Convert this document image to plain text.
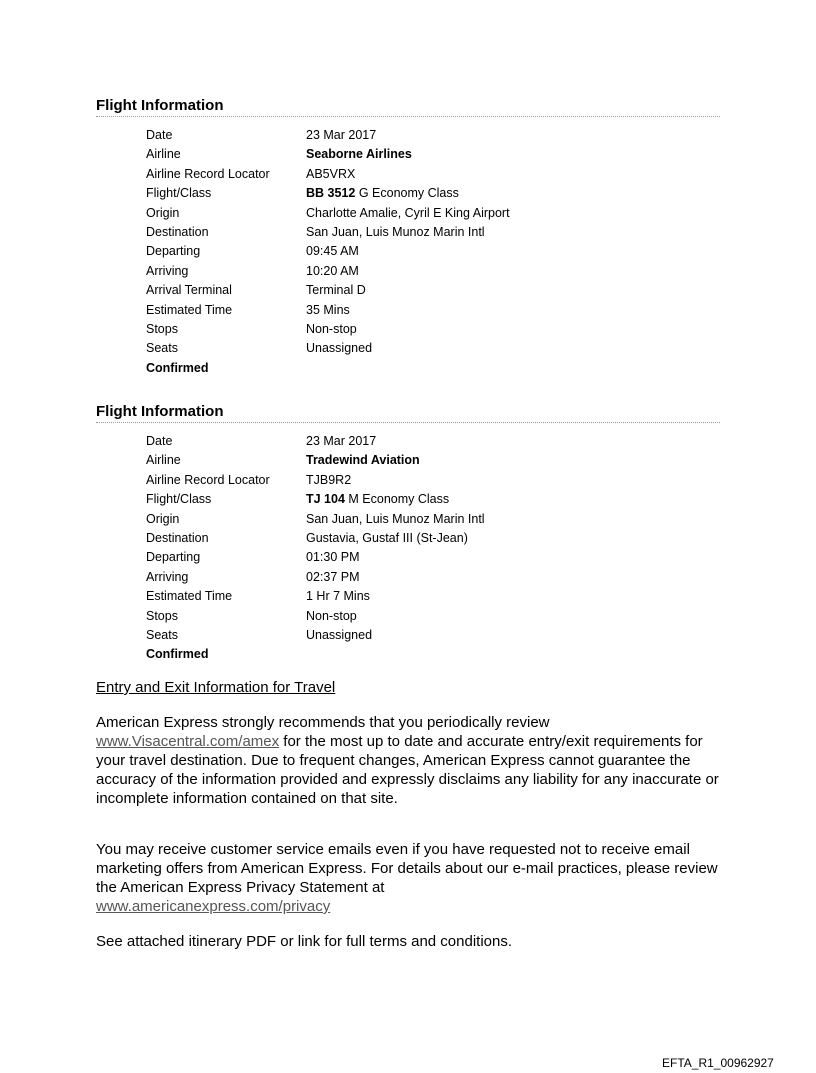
Flight Information
Date	23 Mar 2017
Airline	Seaborne Airlines
Airline Record Locator	AB5VRX
Flight/Class	BB 3512 G Economy Class
Origin	Charlotte Amalie, Cyril E King Airport
Destination	San Juan, Luis Munoz Marin Intl
Departing	09:45 AM
Arriving	10:20 AM
Arrival Terminal	Terminal D
Estimated Time	35 Mins
Stops	Non-stop
Seats	Unassigned
Confirmed
Flight Information
Date	23 Mar 2017
Airline	Tradewind Aviation
Airline Record Locator	TJB9R2
Flight/Class	TJ 104 M Economy Class
Origin	San Juan, Luis Munoz Marin Intl
Destination	Gustavia, Gustaf III (St-Jean)
Departing	01:30 PM
Arriving	02:37 PM
Estimated Time	1 Hr 7 Mins
Stops	Non-stop
Seats	Unassigned
Confirmed
Entry and Exit Information for Travel
American Express strongly recommends that you periodically review
www.Visacentral.com/amex for the most up to date and accurate entry/exit requirements for your travel destination. Due to frequent changes, American Express cannot guarantee the accuracy of the information provided and expressly disclaims any liability for any inaccurate or incomplete information contained on that site.
You may receive customer service emails even if you have requested not to receive email marketing offers from American Express. For details about our e-mail practices, please review the American Express Privacy Statement at
www.americanexpress.com/privacy
See attached itinerary PDF or link for full terms and conditions.
EFTA_R1_00962927
